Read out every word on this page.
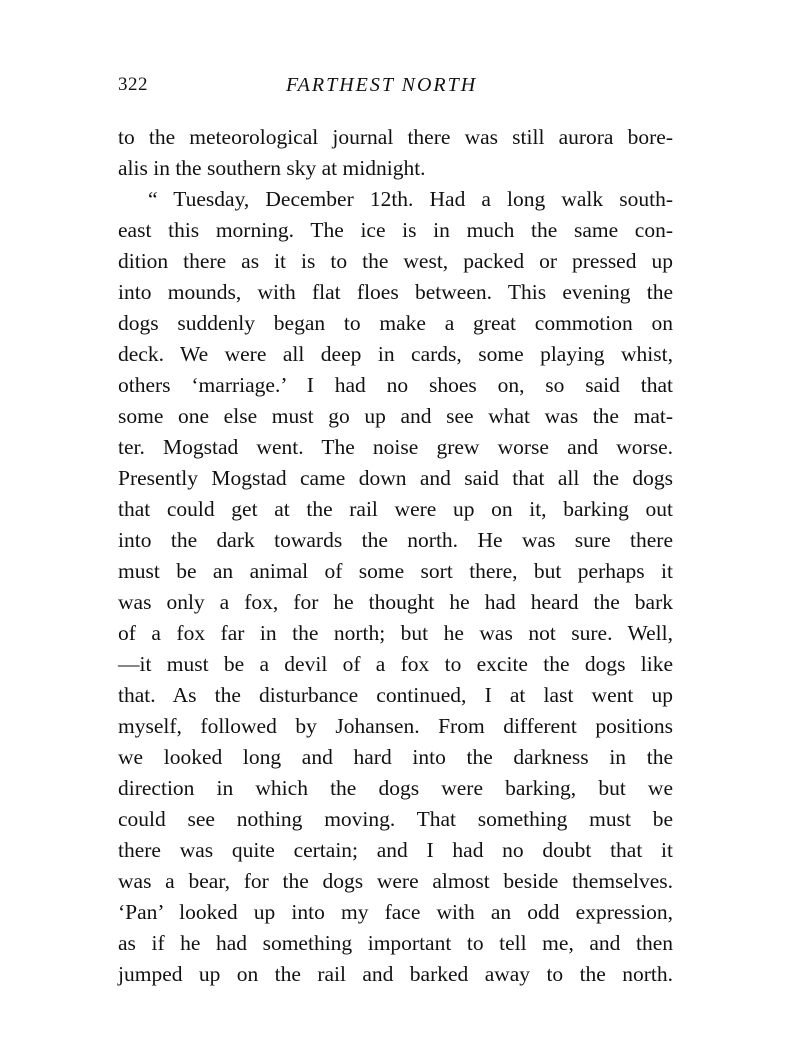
322	FARTHEST NORTH
to the meteorological journal there was still aurora bore-
alis in the southern sky at midnight.
“ Tuesday, December 12th. Had a long walk south-
east this morning. The ice is in much the same con-
dition there as it is to the west, packed or pressed up
into mounds, with flat floes between. This evening the
dogs suddenly began to make a great commotion on
deck. We were all deep in cards, some playing whist,
others ‘marriage.’ I had no shoes on, so said that
some one else must go up and see what was the mat-
ter. Mogstad went. The noise grew worse and worse.
Presently Mogstad came down and said that all the dogs
that could get at the rail were up on it, barking out
into the dark towards the north. He was sure there
must be an animal of some sort there, but perhaps it
was only a fox, for he thought he had heard the bark
of a fox far in the north; but he was not sure. Well,
—it must be a devil of a fox to excite the dogs like
that. As the disturbance continued, I at last went up
myself, followed by Johansen. From different positions
we looked long and hard into the darkness in the
direction in which the dogs were barking, but we
could see nothing moving. That something must be
there was quite certain; and I had no doubt that it
was a bear, for the dogs were almost beside themselves.
‘Pan’ looked up into my face with an odd expression,
as if he had something important to tell me, and then
jumped up on the rail and barked away to the north.
